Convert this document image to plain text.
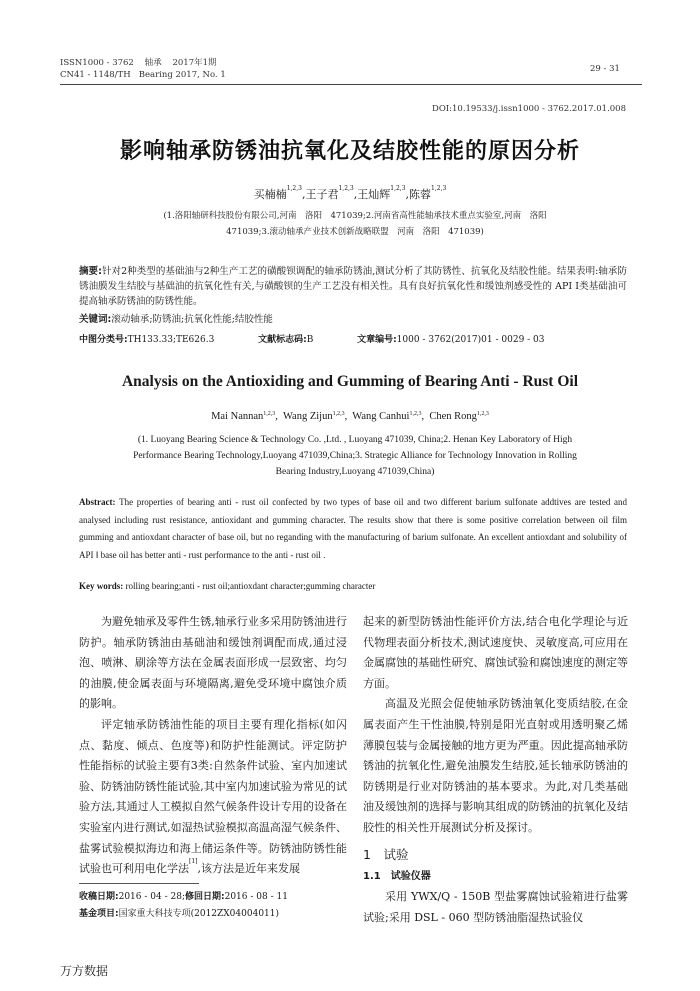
ISSN1000 - 3762 轴承 2017年1期
CN41 - 1148/TH Bearing 2017, No. 1
29 - 31
DOI:10.19533/j.issn1000 - 3762.2017.01.008
影响轴承防锈油抗氧化及结胶性能的原因分析
买楠楠$^{1,2,3}$,王子君$^{1,2,3}$,王灿辉$^{1,2,3}$,陈蓉$^{1,2,3}$
(1.洛阳轴研科技股份有限公司,河南　洛阳　471039;2.河南省高性能轴承技术重点实验室,河南　洛阳
471039;3.滚动轴承产业技术创新战略联盟　河南　洛阳　471039)
摘要:针对2种类型的基础油与2种生产工艺的磺酸钡调配的轴承防锈油,测试分析了其防锈性、抗氧化及结胶性能。结果表明:轴承防锈油膜发生结胶与基础油的抗氧化性有关,与磺酸钡的生产工艺没有相关性。具有良好抗氧化性和缓蚀剂感受性的 API Ⅰ类基础油可提高轴承防锈油的防锈性能。
关键词:滚动轴承;防锈油;抗氧化性能;结胶性能
中图分类号:TH133.33;TE626.3	文献标志码:B	文章编号:1000 - 3762(2017)01 - 0029 - 03
Analysis on the Antioxiding and Gumming of Bearing Anti - Rust Oil
Mai Nannan$^{1,2,3}$,  Wang Zijun$^{1,2,3}$,  Wang Canhui$^{1,2,3}$,  Chen Rong$^{1,2,3}$
(1. Luoyang Bearing Science & Technology Co. ,Ltd. , Luoyang 471039, China;2. Henan Key Laboratory of High
Performance Bearing Technology,Luoyang 471039,China;3. Strategic Alliance for Technology Innovation in Rolling
Bearing Industry,Luoyang 471039,China)
Abstract: The properties of bearing anti - rust oil confected by two types of base oil and two different barium sulfonate addtives are tested and analysed including rust resistance, antioxidant and gumming character. The results show that there is some positive correlation between oil film gumming and antioxdant character of base oil, but no reganding with the manufacturing of barium sulfonate. An excellent antioxdant and solubility of API Ⅰ base oil has better anti - rust performance to the anti - rust oil .
Key words: rolling bearing;anti - rust oil;antioxdant character;gumming character

为避免轴承及零件生锈,轴承行业多采用防锈油进行防护。轴承防锈油由基础油和缓蚀剂调配而成,通过浸泡、喷淋、刷涂等方法在金属表面形成一层致密、均匀的油膜,使金属表面与环境隔离,避免受环境中腐蚀介质的影响。

评定轴承防锈油性能的项目主要有理化指标(如闪点、黏度、倾点、色度等)和防护性能测试。评定防护性能指标的试验主要有3类:自然条件试验、室内加速试验、防锈油防锈性能试验,其中室内加速试验为常见的试验方法,其通过人工模拟自然气候条件设计专用的设备在实验室内进行测试,如湿热试验模拟高温高湿气候条件、盐雾试验模拟海边和海上储运条件等。防锈油防锈性能试验也可利用电化学法[1],该方法是近年来发展

收稿日期:2016 - 04 - 28;修回日期:2016 - 08 - 11
基金项目:国家重大科技专项(2012ZX04004011)
起来的新型防锈油性能评价方法,结合电化学理论与近代物理表面分析技术,测试速度快、灵敏度高,可应用在金属腐蚀的基础性研究、腐蚀试验和腐蚀速度的测定等方面。

高温及光照会促使轴承防锈油氧化变质结胶,在金属表面产生干性油膜,特别是阳光直射或用透明聚乙烯薄膜包装与金属接触的地方更为严重。因此提高轴承防锈油的抗氧化性,避免油膜发生结胶,延长轴承防锈油的防锈期是行业对防锈油的基本要求。为此,对几类基础油及缓蚀剂的选择与影响其组成的防锈油的抗氧化及结胶性的相关性开展测试分析及探讨。

1　试验
1.1　试验仪器

采用 YWX/Q - 150B 型盐雾腐蚀试验箱进行盐雾试验;采用 DSL - 060 型防锈油脂湿热试验仪

万方数据
